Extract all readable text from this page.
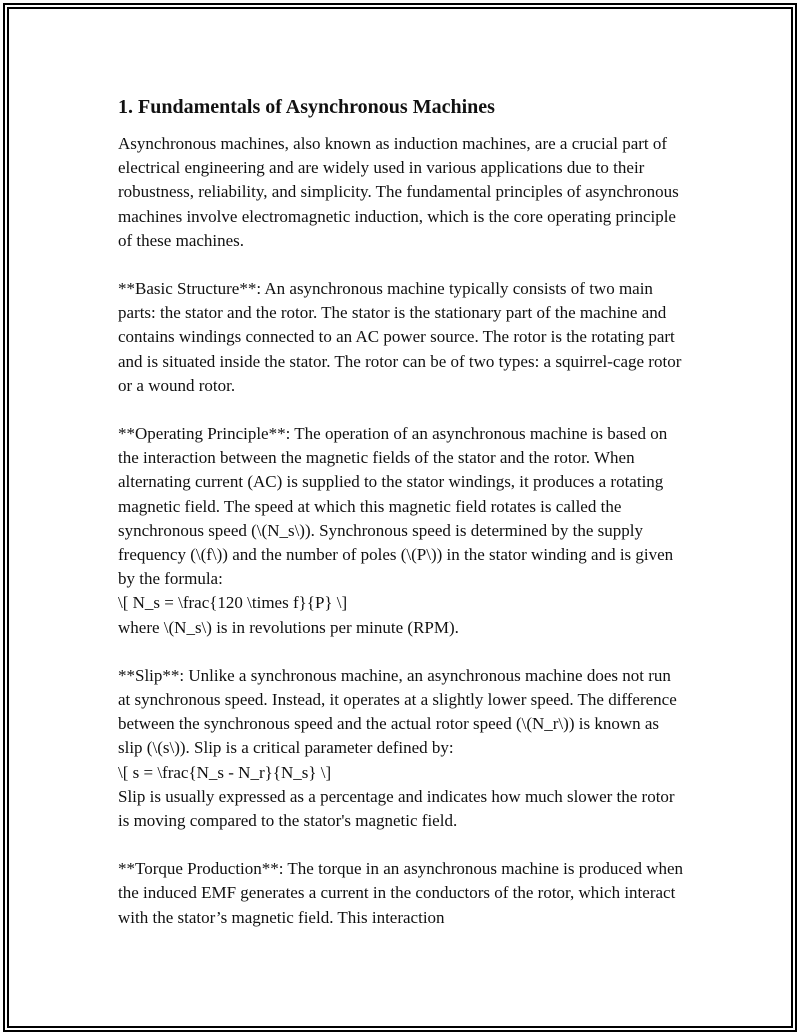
1. Fundamentals of Asynchronous Machines

Asynchronous machines, also known as induction machines, are a crucial part of electrical engineering and are widely used in various applications due to their robustness, reliability, and simplicity. The fundamental principles of asynchronous machines involve electromagnetic induction, which is the core operating principle of these machines.

**Basic Structure**: An asynchronous machine typically consists of two main parts: the stator and the rotor. The stator is the stationary part of the machine and contains windings connected to an AC power source. The rotor is the rotating part and is situated inside the stator. The rotor can be of two types: a squirrel-cage rotor or a wound rotor.

**Operating Principle**: The operation of an asynchronous machine is based on the interaction between the magnetic fields of the stator and the rotor. When alternating current (AC) is supplied to the stator windings, it produces a rotating magnetic field. The speed at which this magnetic field rotates is called the synchronous speed (\(N_s\)). Synchronous speed is determined by the supply frequency (\(f\)) and the number of poles (\(P\)) in the stator winding and is given by the formula:
\[ N_s = \frac{120 \times f}{P} \]
where \(N_s\) is in revolutions per minute (RPM).

**Slip**: Unlike a synchronous machine, an asynchronous machine does not run at synchronous speed. Instead, it operates at a slightly lower speed. The difference between the synchronous speed and the actual rotor speed (\(N_r\)) is known as slip (\(s\)). Slip is a critical parameter defined by:
\[ s = \frac{N_s - N_r}{N_s} \]
Slip is usually expressed as a percentage and indicates how much slower the rotor is moving compared to the stator's magnetic field.

**Torque Production**: The torque in an asynchronous machine is produced when the induced EMF generates a current in the conductors of the rotor, which interact with the stator’s magnetic field. This interaction
